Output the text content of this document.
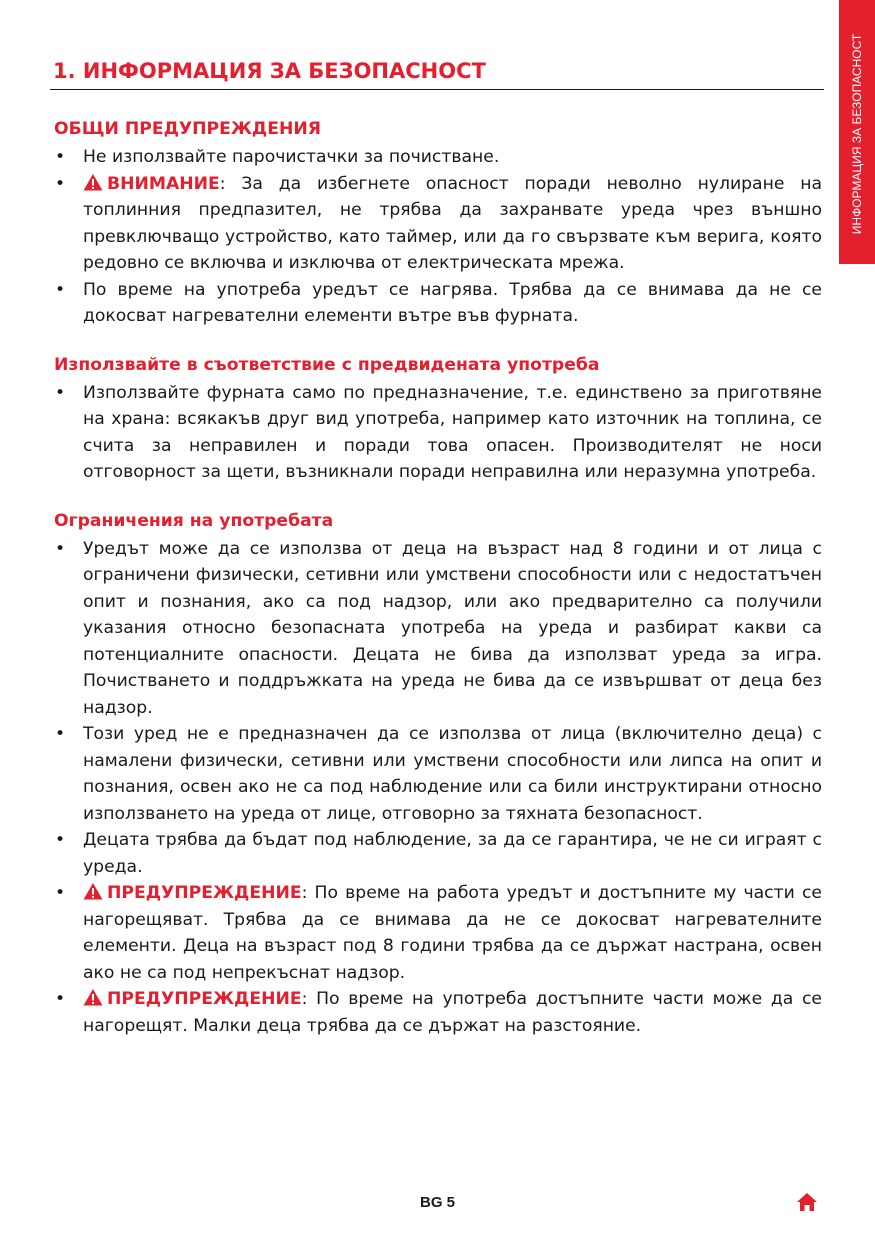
ИНФОРМАЦИЯ ЗА БЕЗОПАСНОСТ
1. ИНФОРМАЦИЯ ЗА БЕЗОПАСНОСТ
ОБЩИ ПРЕДУПРЕЖДЕНИЯ
• Не използвайте парочистачки за почистване.
• ВНИМАНИЕ: За да избегнете опасност поради неволно нулиране на топлинния предпазител, не трябва да захранвате уреда чрез външно превключващо устройство, като таймер, или да го свързвате към верига, която редовно се включва и изключва от електрическата мрежа.
• По време на употреба уредът се нагрява. Трябва да се внимава да не се докосват нагревателни елементи вътре във фурната.
Използвайте в съответствие с предвидената употреба
• Използвайте фурната само по предназначение, т.е. единствено за приготвяне на храна: всякакъв друг вид употреба, например като източник на топлина, се счита за неправилен и поради това опасен. Производителят не носи отговорност за щети, възникнали поради неправилна или неразумна употреба.
Ограничения на употребата
• Уредът може да се използва от деца на възраст над 8 години и от лица с ограничени физически, сетивни или умствени способности или с недостатъчен опит и познания, ако са под надзор, или ако предварително са получили указания относно безопасната употреба на уреда и разбират какви са потенциалните опасности. Децата не бива да използват уреда за игра. Почистването и поддръжката на уреда не бива да се извършват от деца без надзор.
• Този уред не е предназначен да се използва от лица (включително деца) с намалени физически, сетивни или умствени способности или липса на опит и познания, освен ако не са под наблюдение или са били инструктирани относно използването на уреда от лице, отговорно за тяхната безопасност.
• Децата трябва да бъдат под наблюдение, за да се гарантира, че не си играят с уреда.
• ПРЕДУПРЕЖДЕНИЕ: По време на работа уредът и достъпните му части се нагорещяват. Трябва да се внимава да не се докосват нагревателните елементи. Деца на възраст под 8 години трябва да се държат настрана, освен ако не са под непрекъснат надзор.
• ПРЕДУПРЕЖДЕНИЕ: По време на употреба достъпните части може да се нагорещят. Малки деца трябва да се държат на разстояние.
BG 5
